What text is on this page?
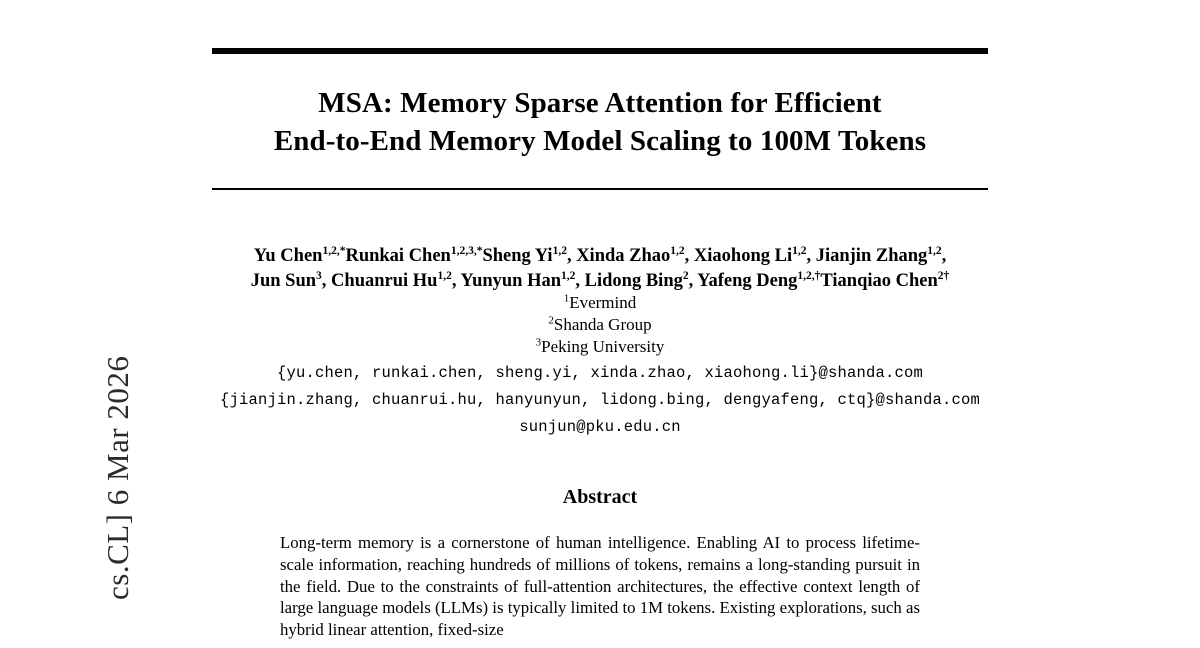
cs.CL] 6 Mar 2026
MSA: Memory Sparse Attention for Efficient
End-to-End Memory Model Scaling to 100M Tokens
Yu Chen$^{1,2,*}$Runkai Chen$^{1,2,3,*}$Sheng Yi$^{1,2}$, Xinda Zhao$^{1,2}$, Xiaohong Li$^{1,2}$, Jianjin Zhang$^{1,2}$,
Jun Sun$^3$, Chuanrui Hu$^{1,2}$, Yunyun Han$^{1,2}$, Lidong Bing$^2$, Yafeng Deng$^{1,2,\dagger}$Tianqiao Chen$^{2\dagger}$
$^1$Evermind
$^2$Shanda Group
$^3$Peking University
{yu.chen, runkai.chen, sheng.yi, xinda.zhao, xiaohong.li}@shanda.com
{jianjin.zhang, chuanrui.hu, hanyunyun, lidong.bing, dengyafeng, ctq}@shanda.com
sunjun@pku.edu.cn
Abstract
Long-term memory is a cornerstone of human intelligence. Enabling AI to process lifetime-scale information, reaching hundreds of millions of tokens, remains a long-standing pursuit in the field. Due to the constraints of full-attention architectures, the effective context length of large language models (LLMs) is typically limited to 1M tokens. Existing explorations, such as hybrid linear attention, fixed-size
